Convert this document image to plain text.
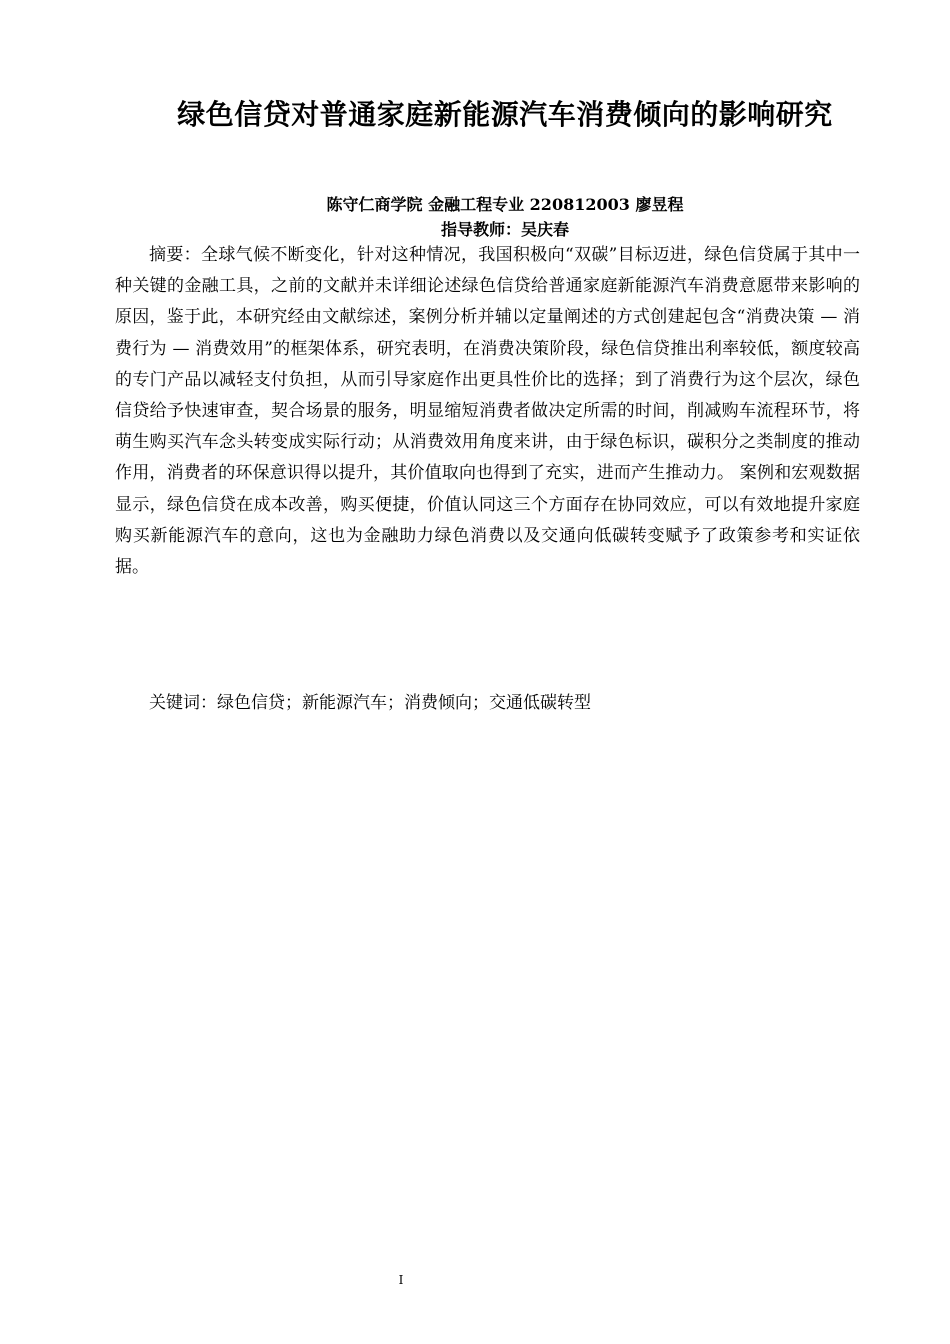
绿色信贷对普通家庭新能源汽车消费倾向的影响研究
陈守仁商学院 金融工程专业 220812003 廖昱程
指导教师：吴庆春

摘要：全球气候不断变化，针对这种情况，我国积极向“双碳”目标迈进，绿色信贷属于其中一种关键的金融工具，之前的文献并未详细论述绿色信贷给普通家庭新能源汽车消费意愿带来影响的原因，鉴于此，本研究经由文献综述，案例分析并辅以定量阐述的方式创建起包含“消费决策 — 消费行为 — 消费效用”的框架体系，研究表明，在消费决策阶段，绿色信贷推出利率较低，额度较高的专门产品以减轻支付负担，从而引导家庭作出更具性价比的选择；到了消费行为这个层次，绿色信贷给予快速审查，契合场景的服务，明显缩短消费者做决定所需的时间，削减购车流程环节，将萌生购买汽车念头转变成实际行动；从消费效用角度来讲，由于绿色标识，碳积分之类制度的推动作用，消费者的环保意识得以提升，其价值取向也得到了充实，进而产生推动力。 案例和宏观数据显示，绿色信贷在成本改善，购买便捷，价值认同这三个方面存在协同效应，可以有效地提升家庭购买新能源汽车的意向，这也为金融助力绿色消费以及交通向低碳转变赋予了政策参考和实证依据。

关键词：绿色信贷；新能源汽车；消费倾向；交通低碳转型

I
